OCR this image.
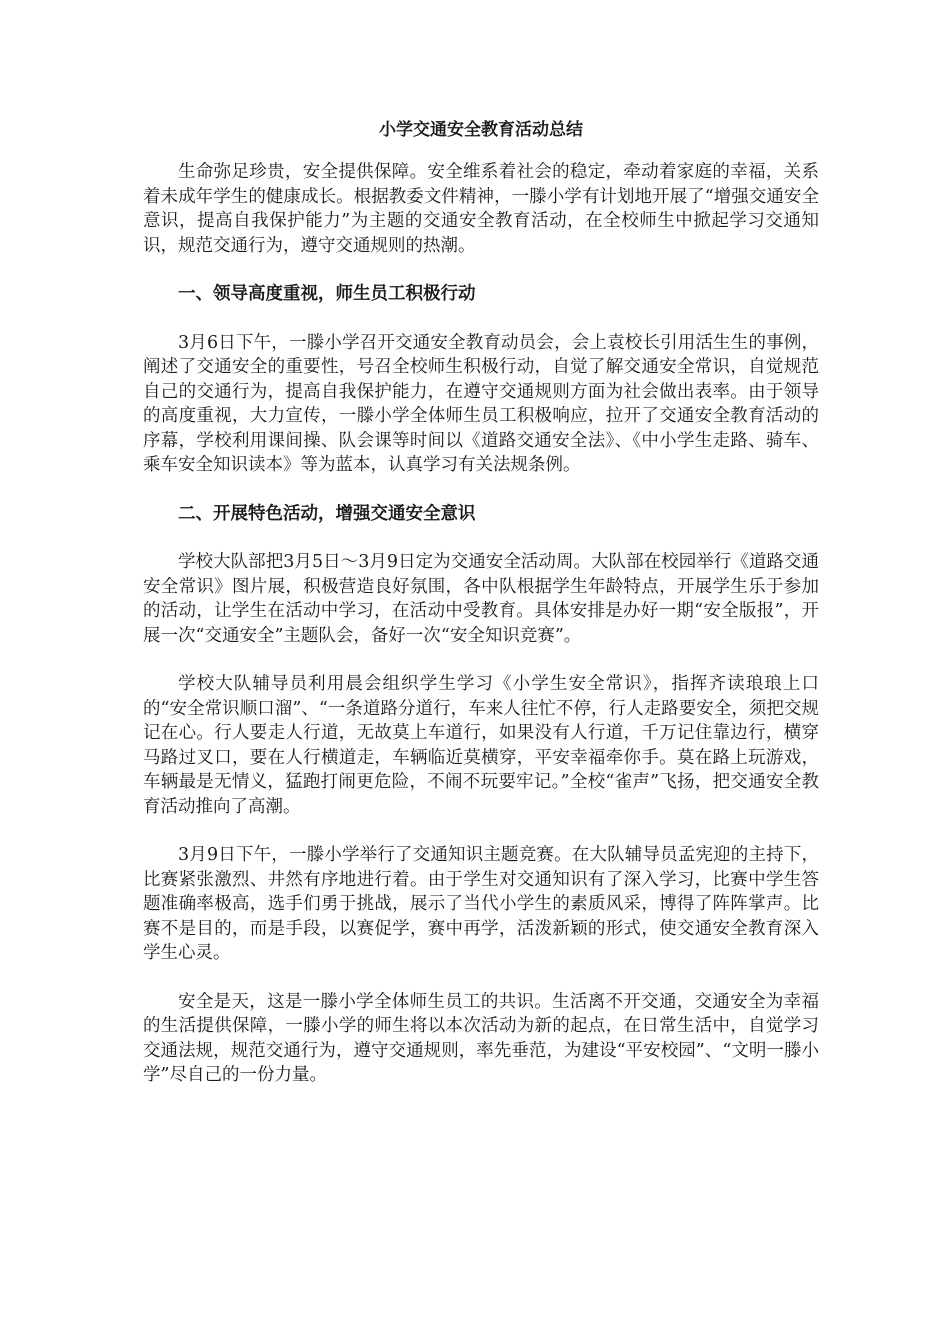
小学交通安全教育活动总结

生命弥足珍贵，安全提供保障。安全维系着社会的稳定，牵动着家庭的幸福，关系着未成年学生的健康成长。根据教委文件精神，一滕小学有计划地开展了“增强交通安全意识，提高自我保护能力”为主题的交通安全教育活动，在全校师生中掀起学习交通知识，规范交通行为，遵守交通规则的热潮。

一、领导高度重视，师生员工积极行动

3月6日下午，一滕小学召开交通安全教育动员会，会上袁校长引用活生生的事例，阐述了交通安全的重要性，号召全校师生积极行动，自觉了解交通安全常识，自觉规范自己的交通行为，提高自我保护能力，在遵守交通规则方面为社会做出表率。由于领导的高度重视，大力宣传，一滕小学全体师生员工积极响应，拉开了交通安全教育活动的序幕，学校利用课间操、队会课等时间以《道路交通安全法》、《中小学生走路、骑车、乘车安全知识读本》等为蓝本，认真学习有关法规条例。

二、开展特色活动，增强交通安全意识

学校大队部把3月5日～3月9日定为交通安全活动周。大队部在校园举行《道路交通安全常识》图片展，积极营造良好氛围，各中队根据学生年龄特点，开展学生乐于参加的活动，让学生在活动中学习，在活动中受教育。具体安排是办好一期“安全版报”，开展一次“交通安全”主题队会，备好一次“安全知识竞赛”。

学校大队辅导员利用晨会组织学生学习《小学生安全常识》，指挥齐读琅琅上口的“安全常识顺口溜”、“一条道路分道行，车来人往忙不停，行人走路要安全，须把交规记在心。行人要走人行道，无故莫上车道行，如果没有人行道，千万记住靠边行，横穿马路过叉口，要在人行横道走，车辆临近莫横穿，平安幸福牵你手。莫在路上玩游戏，车辆最是无情义，猛跑打闹更危险，不闹不玩要牢记。”全校“雀声”飞扬，把交通安全教育活动推向了高潮。

3月9日下午，一滕小学举行了交通知识主题竞赛。在大队辅导员孟宪迎的主持下，比赛紧张激烈、井然有序地进行着。由于学生对交通知识有了深入学习，比赛中学生答题准确率极高，选手们勇于挑战，展示了当代小学生的素质风采，博得了阵阵掌声。比赛不是目的，而是手段，以赛促学，赛中再学，活泼新颖的形式，使交通安全教育深入学生心灵。

安全是天，这是一滕小学全体师生员工的共识。生活离不开交通，交通安全为幸福的生活提供保障，一滕小学的师生将以本次活动为新的起点，在日常生活中，自觉学习交通法规，规范交通行为，遵守交通规则，率先垂范，为建设“平安校园”、“文明一滕小学”尽自己的一份力量。
